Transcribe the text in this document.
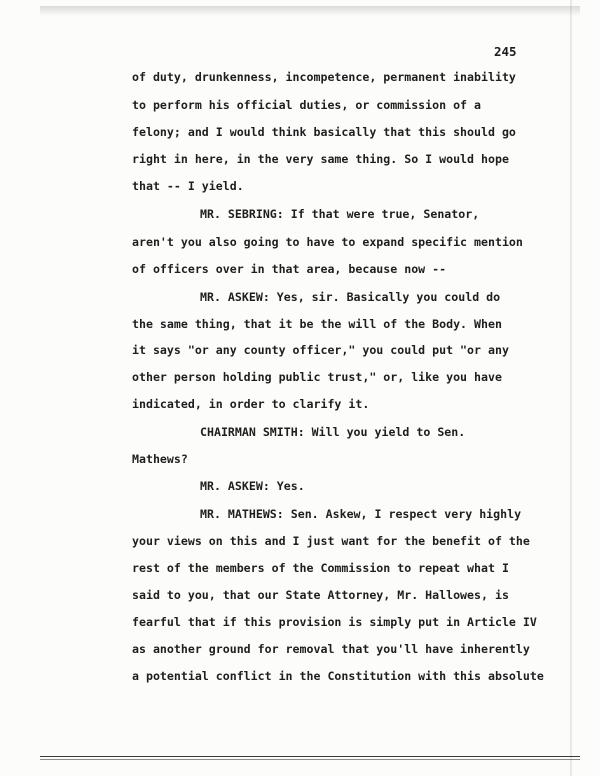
245
of duty, drunkenness, incompetence, permanent inability
to perform his official duties, or commission of a
felony; and I would think basically that this should go
right in here, in the very same thing. So I would hope
that -- I yield.
MR. SEBRING: If that were true, Senator,
aren't you also going to have to expand specific mention
of officers over in that area, because now --
MR. ASKEW: Yes, sir. Basically you could do
the same thing, that it be the will of the Body. When
it says "or any county officer," you could put "or any
other person holding public trust," or, like you have
indicated, in order to clarify it.
CHAIRMAN SMITH: Will you yield to Sen.
Mathews?
MR. ASKEW: Yes.
MR. MATHEWS: Sen. Askew, I respect very highly
your views on this and I just want for the benefit of the
rest of the members of the Commission to repeat what I
said to you, that our State Attorney, Mr. Hallowes, is
fearful that if this provision is simply put in Article IV
as another ground for removal that you'll have inherently
a potential conflict in the Constitution with this absolute
